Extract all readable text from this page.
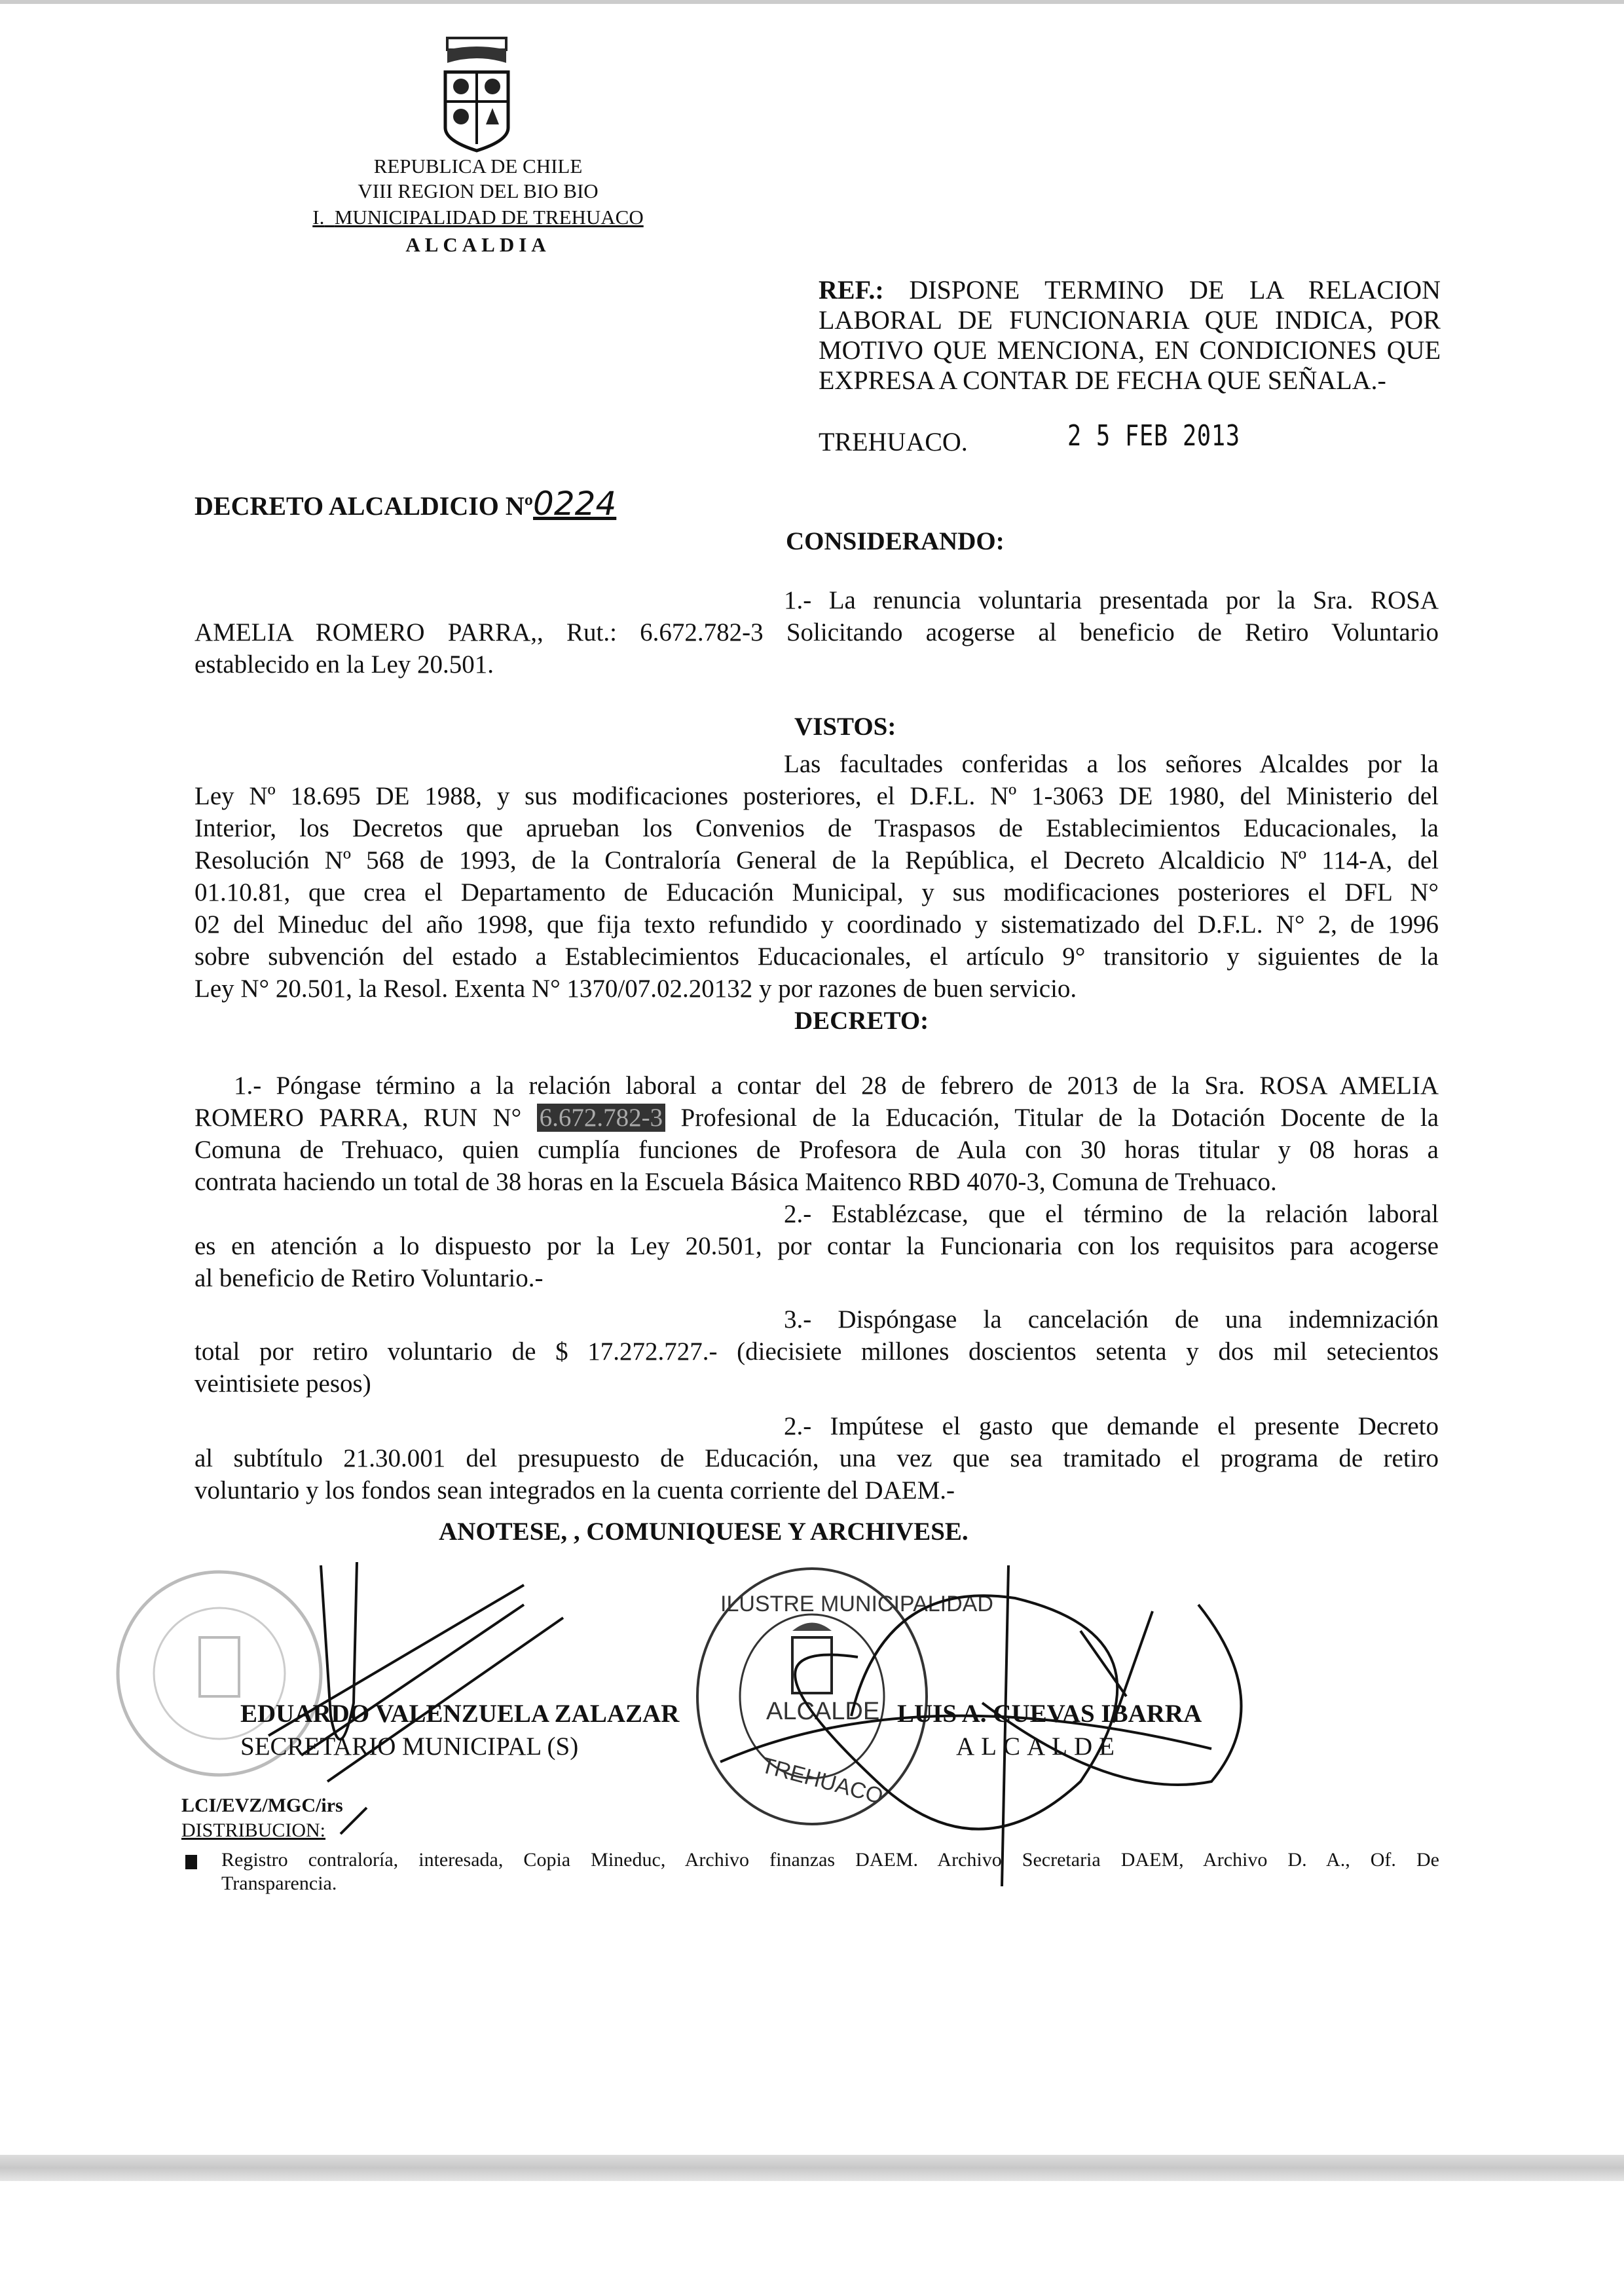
REPUBLICA DE CHILE
VIII REGION DEL BIO BIO
I. MUNICIPALIDAD DE TREHUACO
ALCALDIA
REF.: DISPONE TERMINO DE LA RELACION
LABORAL DE FUNCIONARIA QUE INDICA, POR
MOTIVO QUE MENCIONA, EN CONDICIONES QUE
EXPRESA A CONTAR DE FECHA QUE SEÑALA.-
TREHUACO.	2 5 FEB 2013
DECRETO ALCALDICIO Nº0224
CONSIDERANDO:
1.- La renuncia voluntaria presentada por la Sra. ROSA
AMELIA ROMERO PARRA,, Rut.: 6.672.782-3 Solicitando acogerse al beneficio de Retiro Voluntario
establecido en la Ley 20.501.
VISTOS:
Las facultades conferidas a los señores Alcaldes por la
Ley Nº 18.695 DE 1988, y sus modificaciones posteriores, el D.F.L. Nº 1-3063 DE 1980, del Ministerio del
Interior, los Decretos que aprueban los Convenios de Traspasos de Establecimientos Educacionales, la
Resolución Nº 568 de 1993, de la Contraloría General de la República, el Decreto Alcaldicio Nº 114-A, del
01.10.81, que crea el Departamento de Educación Municipal, y sus modificaciones posteriores el DFL N°
02 del Mineduc del año 1998, que fija texto refundido y coordinado y sistematizado del D.F.L. N° 2, de 1996
sobre subvención del estado a Establecimientos Educacionales, el artículo 9° transitorio y siguientes de la
Ley N° 20.501, la Resol. Exenta N° 1370/07.02.20132 y por razones de buen servicio.
DECRETO:
1.- Póngase término a la relación laboral a contar del 28 de febrero de 2013 de la Sra. ROSA AMELIA
ROMERO PARRA, RUN N° 6.672.782-3 Profesional de la Educación, Titular de la Dotación Docente de la
Comuna de Trehuaco, quien cumplía funciones de Profesora de Aula con 30 horas titular y 08 horas a
contrata haciendo un total de 38 horas en la Escuela Básica Maitenco RBD 4070-3, Comuna de Trehuaco.
2.- Establézcase, que el término de la relación laboral
es en atención a lo dispuesto por la Ley 20.501, por contar la Funcionaria con los requisitos para acogerse
al beneficio de Retiro Voluntario.-
3.- Dispóngase la cancelación de una indemnización
total por retiro voluntario de $ 17.272.727.- (diecisiete millones doscientos setenta y dos mil setecientos
veintisiete pesos)
2.- Impútese el gasto que demande el presente Decreto
al subtítulo 21.30.001 del presupuesto de Educación, una vez que sea tramitado el programa de retiro
voluntario y los fondos sean integrados en la cuenta corriente del DAEM.-
ANOTESE, , COMUNIQUESE Y ARCHIVESE.
ILUSTRE MUNICIPALIDAD
ALCALDE
TREHUACO
EDUARDO VALENZUELA ZALAZAR
SECRETARIO MUNICIPAL (S)
LUIS A. CUEVAS IBARRA
ALCALDE
LCI/EVZ/MGC/irs
DISTRIBUCION:
Registro contraloría, interesada, Copia Mineduc, Archivo finanzas DAEM. Archivo Secretaria DAEM, Archivo D. A., Of. De
Transparencia.
